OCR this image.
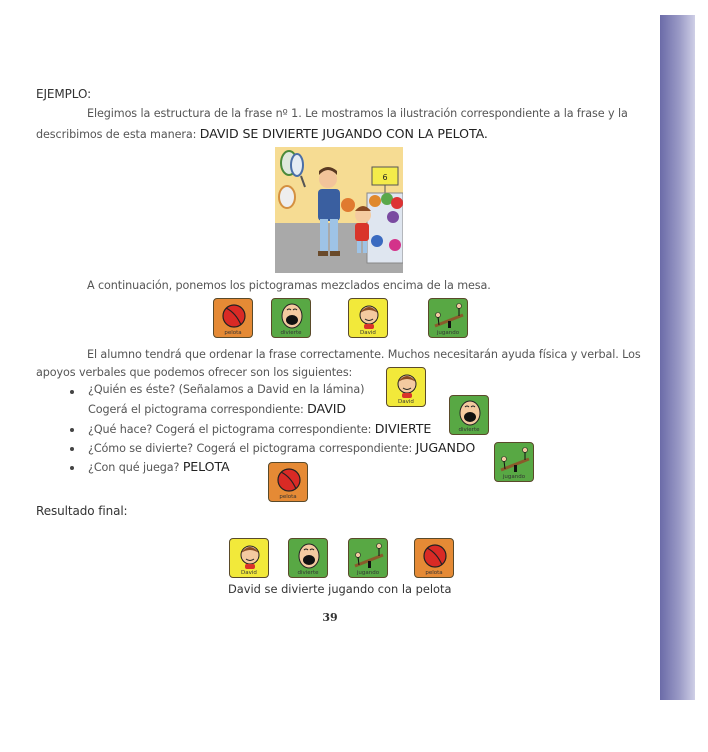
EJEMPLO:
Elegimos la estructura de la frase nº 1. Le mostramos la ilustración correspondiente a la frase y la
describimos de esta manera: DAVID SE DIVIERTE JUGANDO CON LA PELOTA.
6
A continuación, ponemos los pictogramas mezclados encima de la mesa.
pelota	divierte	David	jugando
El alumno tendrá que ordenar la frase correctamente. Muchos necesitarán ayuda física y verbal. Los
apoyos verbales que podemos ofrecer son los siguientes:
¿Quién es éste? (Señalamos a David en la lámina)
Cogerá el pictograma correspondiente: DAVID
¿Qué hace? Cogerá el pictograma correspondiente: DIVIERTE
¿Cómo se divierte? Cogerá el pictograma correspondiente: JUGANDO
¿Con qué juega? PELOTA
David
divierte
jugando
pelota
Resultado final:
David	divierte	jugando	pelota
David se divierte jugando con la pelota
39
